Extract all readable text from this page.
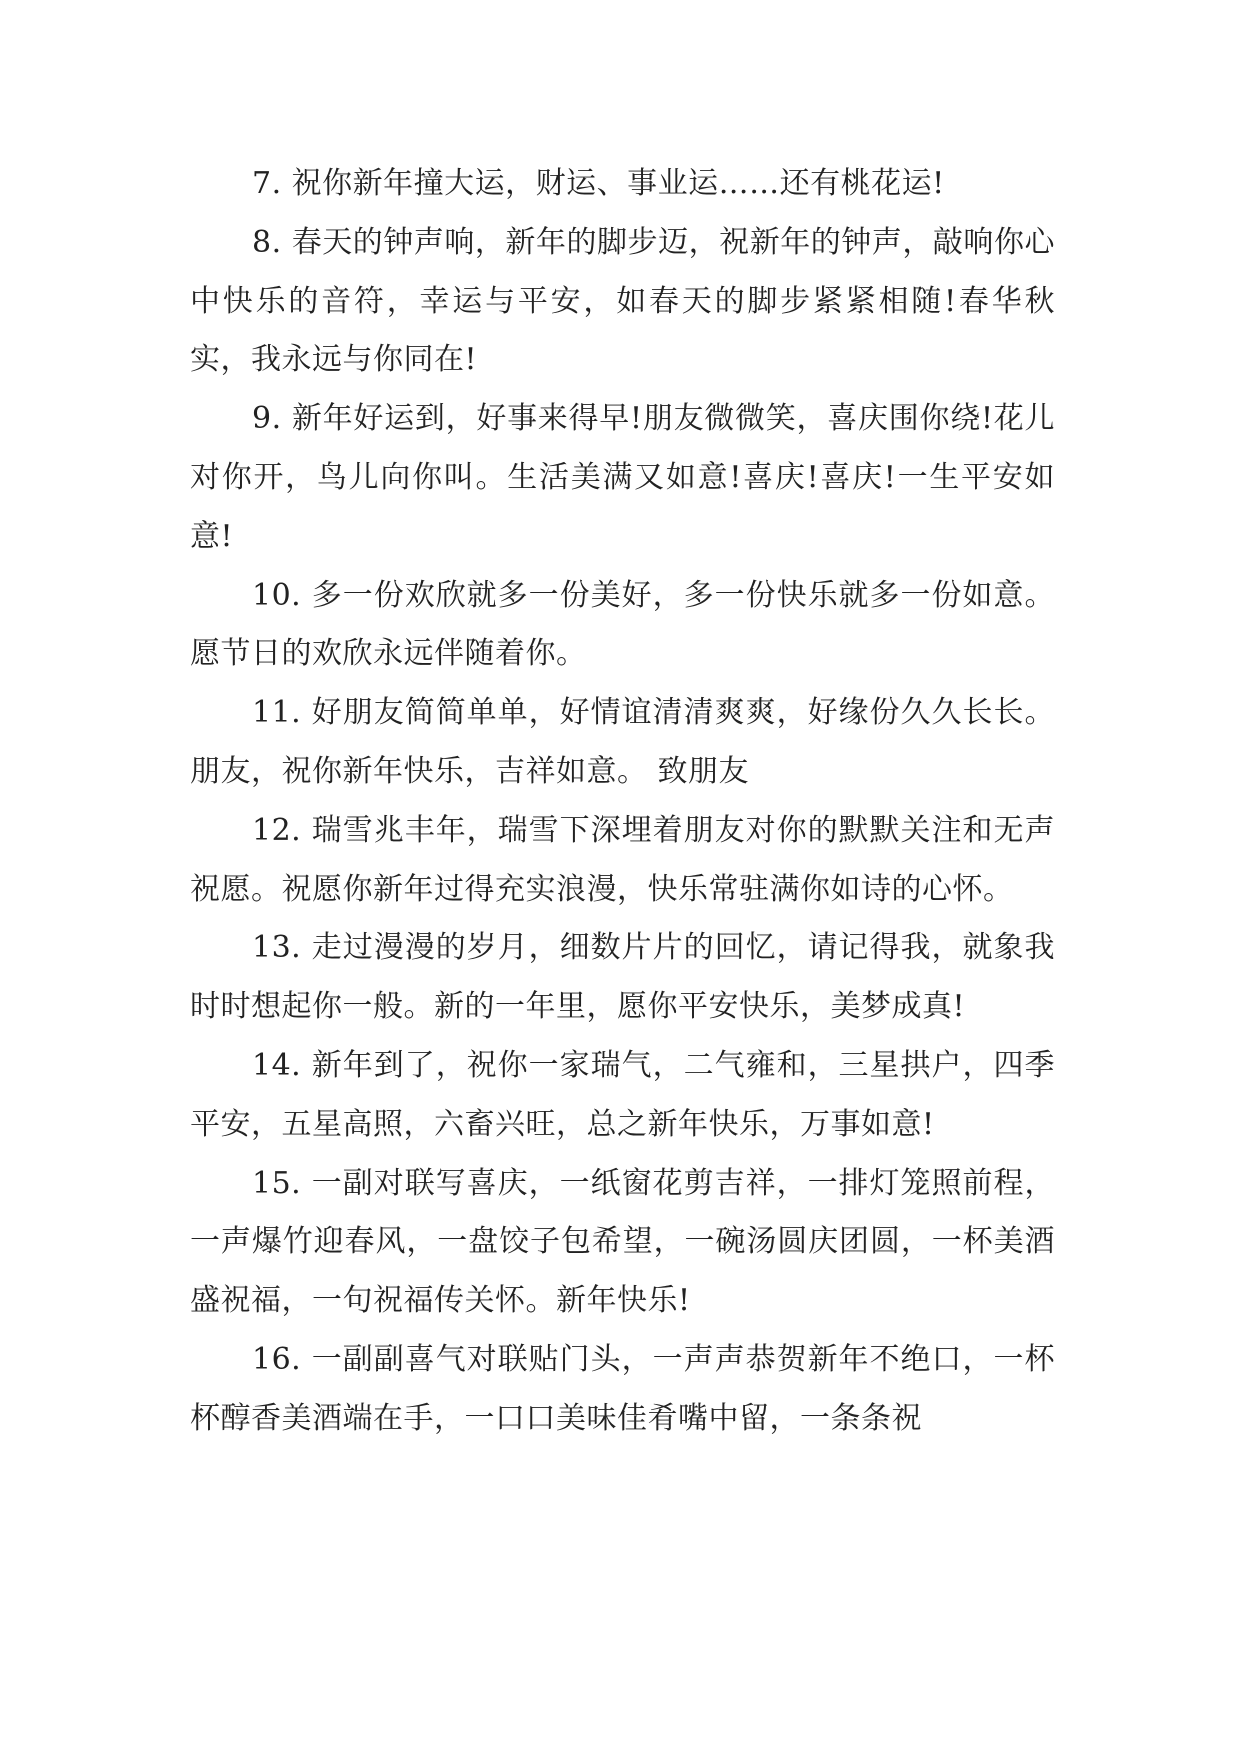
7. 祝你新年撞大运，财运、事业运……还有桃花运!

8. 春天的钟声响，新年的脚步迈，祝新年的钟声，敲响你心中快乐的音符，幸运与平安，如春天的脚步紧紧相随!春华秋实，我永远与你同在!

9. 新年好运到，好事来得早!朋友微微笑，喜庆围你绕!花儿对你开，鸟儿向你叫。生活美满又如意!喜庆!喜庆!一生平安如意!

10. 多一份欢欣就多一份美好，多一份快乐就多一份如意。愿节日的欢欣永远伴随着你。

11. 好朋友简简单单，好情谊清清爽爽，好缘份久久长长。朋友，祝你新年快乐，吉祥如意。 致朋友

12. 瑞雪兆丰年，瑞雪下深埋着朋友对你的默默关注和无声祝愿。祝愿你新年过得充实浪漫，快乐常驻满你如诗的心怀。

13. 走过漫漫的岁月，细数片片的回忆，请记得我，就象我时时想起你一般。新的一年里，愿你平安快乐，美梦成真!

14. 新年到了，祝你一家瑞气，二气雍和，三星拱户，四季平安，五星高照，六畜兴旺，总之新年快乐，万事如意!

15. 一副对联写喜庆，一纸窗花剪吉祥，一排灯笼照前程，一声爆竹迎春风，一盘饺子包希望，一碗汤圆庆团圆，一杯美酒盛祝福，一句祝福传关怀。新年快乐!

16. 一副副喜气对联贴门头，一声声恭贺新年不绝口，一杯杯醇香美酒端在手，一口口美味佳肴嘴中留，一条条祝
